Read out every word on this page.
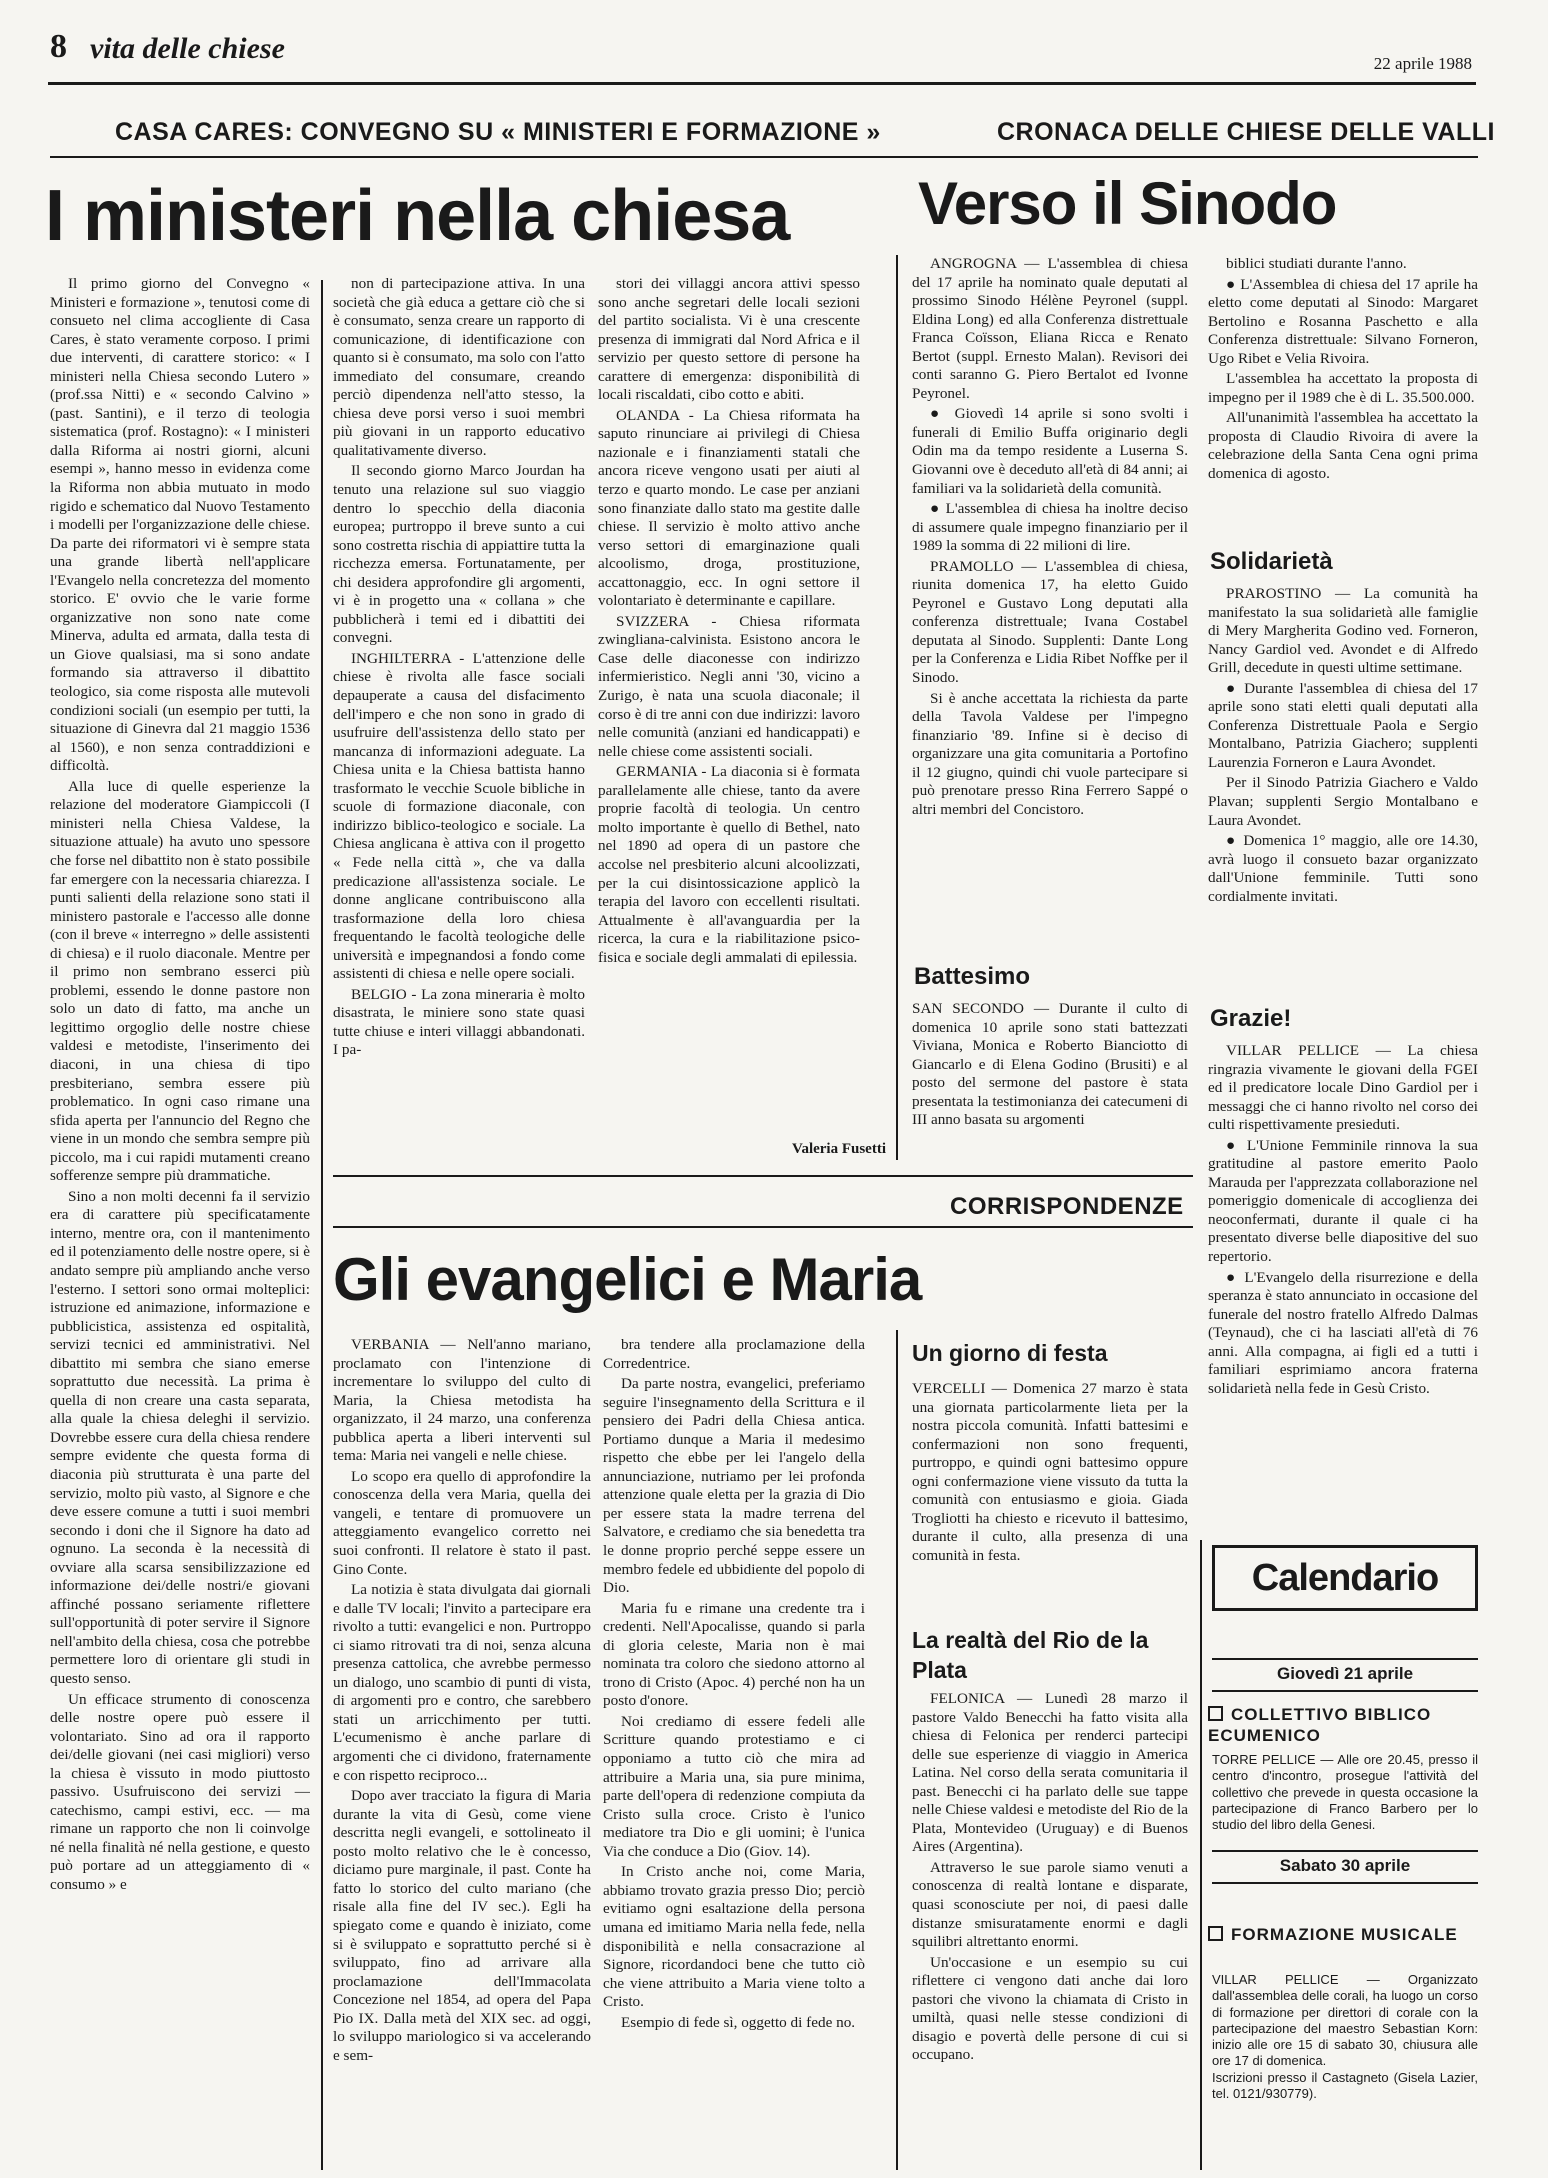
8 vita delle chiese	22 aprile 1988
CASA CARES: CONVEGNO SU « MINISTERI E FORMAZIONE »	CRONACA DELLE CHIESE DELLE VALLI
I ministeri nella chiesa Verso il Sinodo

Il primo giorno del Convegno « Ministeri e formazione », tenutosi come di consueto nel clima accogliente di Casa Cares, è stato veramente corposo. I primi due interventi, di carattere storico: « I ministeri nella Chiesa secondo Lutero » (prof.ssa Nitti) e « secondo Calvino » (past. Santini), e il terzo di teologia sistematica (prof. Rostagno): « I ministeri dalla Riforma ai nostri giorni, alcuni esempi », hanno messo in evidenza come la Riforma non abbia mutuato in modo rigido e schematico dal Nuovo Testamento i modelli per l'organizzazione delle chiese. Da parte dei riformatori vi è sempre stata una grande libertà nell'applicare l'Evangelo nella concretezza del momento storico. E' ovvio che le varie forme organizzative non sono nate come Minerva, adulta ed armata, dalla testa di un Giove qualsiasi, ma si sono andate formando sia attraverso il dibattito teologico, sia come risposta alle mutevoli condizioni sociali (un esempio per tutti, la situazione di Ginevra dal 21 maggio 1536 al 1560), e non senza contraddizioni e difficoltà.

Alla luce di quelle esperienze la relazione del moderatore Giampiccoli (I ministeri nella Chiesa Valdese, la situazione attuale) ha avuto uno spessore che forse nel dibattito non è stato possibile far emergere con la necessaria chiarezza. I punti salienti della relazione sono stati il ministero pastorale e l'accesso alle donne (con il breve « interregno » delle assistenti di chiesa) e il ruolo diaconale. Mentre per il primo non sembrano esserci più problemi, essendo le donne pastore non solo un dato di fatto, ma anche un legittimo orgoglio delle nostre chiese valdesi e metodiste, l'inserimento dei diaconi, in una chiesa di tipo presbiteriano, sembra essere più problematico. In ogni caso rimane una sfida aperta per l'annuncio del Regno che viene in un mondo che sembra sempre più piccolo, ma i cui rapidi mutamenti creano sofferenze sempre più drammatiche.

Sino a non molti decenni fa il servizio era di carattere più specificatamente interno, mentre ora, con il mantenimento ed il potenziamento delle nostre opere, si è andato sempre più ampliando anche verso l'esterno. I settori sono ormai molteplici: istruzione ed animazione, informazione e pubblicistica, assistenza ed ospitalità, servizi tecnici ed amministrativi. Nel dibattito mi sembra che siano emerse soprattutto due necessità. La prima è quella di non creare una casta separata, alla quale la chiesa deleghi il servizio. Dovrebbe essere cura della chiesa rendere sempre evidente che questa forma di diaconia più strutturata è una parte del servizio, molto più vasto, al Signore e che deve essere comune a tutti i suoi membri secondo i doni che il Signore ha dato ad ognuno. La seconda è la necessità di ovviare alla scarsa sensibilizzazione ed informazione dei/delle nostri/e giovani affinché possano seriamente riflettere sull'opportunità di poter servire il Signore nell'ambito della chiesa, cosa che potrebbe permettere loro di orientare gli studi in questo senso.

Un efficace strumento di conoscenza delle nostre opere può essere il volontariato. Sino ad ora il rapporto dei/delle giovani (nei casi migliori) verso la chiesa è vissuto in modo piuttosto passivo. Usufruiscono dei servizi — catechismo, campi estivi, ecc. — ma rimane un rapporto che non li coinvolge né nella finalità né nella gestione, e questo può portare ad un atteggiamento di « consumo » e

non di partecipazione attiva. In una società che già educa a gettare ciò che si è consumato, senza creare un rapporto di comunicazione, di identificazione con quanto si è consumato, ma solo con l'atto immediato del consumare, creando perciò dipendenza nell'atto stesso, la chiesa deve porsi verso i suoi membri più giovani in un rapporto educativo qualitativamente diverso.

Il secondo giorno Marco Jourdan ha tenuto una relazione sul suo viaggio dentro lo specchio della diaconia europea; purtroppo il breve sunto a cui sono costretta rischia di appiattire tutta la ricchezza emersa. Fortunatamente, per chi desidera approfondire gli argomenti, vi è in progetto una « collana » che pubblicherà i temi ed i dibattiti dei convegni.

INGHILTERRA - L'attenzione delle chiese è rivolta alle fasce sociali depauperate a causa del disfacimento dell'impero e che non sono in grado di usufruire dell'assistenza dello stato per mancanza di informazioni adeguate. La Chiesa unita e la Chiesa battista hanno trasformato le vecchie Scuole bibliche in scuole di formazione diaconale, con indirizzo biblico-teologico e sociale. La Chiesa anglicana è attiva con il progetto « Fede nella città », che va dalla predicazione all'assistenza sociale. Le donne anglicane contribuiscono alla trasformazione della loro chiesa frequentando le facoltà teologiche delle università e impegnandosi a fondo come assistenti di chiesa e nelle opere sociali.

BELGIO - La zona mineraria è molto disastrata, le miniere sono state quasi tutte chiuse e interi villaggi abbandonati. I pa-

stori dei villaggi ancora attivi spesso sono anche segretari delle locali sezioni del partito socialista. Vi è una crescente presenza di immigrati dal Nord Africa e il servizio per questo settore di persone ha carattere di emergenza: disponibilità di locali riscaldati, cibo cotto e abiti.

OLANDA - La Chiesa riformata ha saputo rinunciare ai privilegi di Chiesa nazionale e i finanziamenti statali che ancora riceve vengono usati per aiuti al terzo e quarto mondo. Le case per anziani sono finanziate dallo stato ma gestite dalle chiese. Il servizio è molto attivo anche verso settori di emarginazione quali alcoolismo, droga, prostituzione, accattonaggio, ecc. In ogni settore il volontariato è determinante e capillare.

SVIZZERA - Chiesa riformata zwingliana-calvinista. Esistono ancora le Case delle diaconesse con indirizzo infermieristico. Negli anni '30, vicino a Zurigo, è nata una scuola diaconale; il corso è di tre anni con due indirizzi: lavoro nelle comunità (anziani ed handicappati) e nelle chiese come assistenti sociali.

GERMANIA - La diaconia si è formata parallelamente alle chiese, tanto da avere proprie facoltà di teologia. Un centro molto importante è quello di Bethel, nato nel 1890 ad opera di un pastore che accolse nel presbiterio alcuni alcoolizzati, per la cui disintossicazione applicò la terapia del lavoro con eccellenti risultati. Attualmente è all'avanguardia per la ricerca, la cura e la riabilitazione psico-fisica e sociale degli ammalati di epilessia.

Valeria Fusetti

ANGROGNA — L'assemblea di chiesa del 17 aprile ha nominato quale deputati al prossimo Sinodo Hélène Peyronel (suppl. Eldina Long) ed alla Conferenza distrettuale Franca Coïsson, Eliana Ricca e Renato Bertot (suppl. Ernesto Malan). Revisori dei conti saranno G. Piero Bertalot ed Ivonne Peyronel.

● Giovedì 14 aprile si sono svolti i funerali di Emilio Buffa originario degli Odin ma da tempo residente a Luserna S. Giovanni ove è deceduto all'età di 84 anni; ai familiari va la solidarietà della comunità.

● L'assemblea di chiesa ha inoltre deciso di assumere quale impegno finanziario per il 1989 la somma di 22 milioni di lire.

PRAMOLLO — L'assemblea di chiesa, riunita domenica 17, ha eletto Guido Peyronel e Gustavo Long deputati alla conferenza distrettuale; Ivana Costabel deputata al Sinodo. Supplenti: Dante Long per la Conferenza e Lidia Ribet Noffke per il Sinodo.

Si è anche accettata la richiesta da parte della Tavola Valdese per l'impegno finanziario '89. Infine si è deciso di organizzare una gita comunitaria a Portofino il 12 giugno, quindi chi vuole partecipare si può prenotare presso Rina Ferrero Sappé o altri membri del Concistoro.

Battesimo
SAN SECONDO — Durante il culto di domenica 10 aprile sono stati battezzati Viviana, Monica e Roberto Bianciotto di Giancarlo e di Elena Godino (Brusiti) e al posto del sermone del pastore è stata presentata la testimonianza dei catecumeni di III anno basata su argomenti

biblici studiati durante l'anno.

● L'Assemblea di chiesa del 17 aprile ha eletto come deputati al Sinodo: Margaret Bertolino e Rosanna Paschetto e alla Conferenza distrettuale: Silvano Forneron, Ugo Ribet e Velia Rivoira.

L'assemblea ha accettato la proposta di impegno per il 1989 che è di L. 35.500.000.

All'unanimità l'assemblea ha accettato la proposta di Claudio Rivoira di avere la celebrazione della Santa Cena ogni prima domenica di agosto.

Solidarietà

PRAROSTINO — La comunità ha manifestato la sua solidarietà alle famiglie di Mery Margherita Godino ved. Forneron, Nancy Gardiol ved. Avondet e di Alfredo Grill, decedute in questi ultime settimane.

● Durante l'assemblea di chiesa del 17 aprile sono stati eletti quali deputati alla Conferenza Distrettuale Paola e Sergio Montalbano, Patrizia Giachero; supplenti Laurenzia Forneron e Laura Avondet.

Per il Sinodo Patrizia Giachero e Valdo Plavan; supplenti Sergio Montalbano e Laura Avondet.

● Domenica 1° maggio, alle ore 14.30, avrà luogo il consueto bazar organizzato dall'Unione femminile. Tutti sono cordialmente invitati.

Grazie!

VILLAR PELLICE — La chiesa ringrazia vivamente le giovani della FGEI ed il predicatore locale Dino Gardiol per i messaggi che ci hanno rivolto nel corso dei culti rispettivamente presieduti.

● L'Unione Femminile rinnova la sua gratitudine al pastore emerito Paolo Marauda per l'apprezzata collaborazione nel pomeriggio domenicale di accoglienza dei neoconfermati, durante il quale ci ha presentato diverse belle diapositive del suo repertorio.

● L'Evangelo della risurrezione e della speranza è stato annunciato in occasione del funerale del nostro fratello Alfredo Dalmas (Teynaud), che ci ha lasciati all'età di 76 anni. Alla compagna, ai figli ed a tutti i familiari esprimiamo ancora fraterna solidarietà nella fede in Gesù Cristo.

CORRISPONDENZE
Gli evangelici e Maria

VERBANIA — Nell'anno mariano, proclamato con l'intenzione di incrementare lo sviluppo del culto di Maria, la Chiesa metodista ha organizzato, il 24 marzo, una conferenza pubblica aperta a liberi interventi sul tema: Maria nei vangeli e nelle chiese.

Lo scopo era quello di approfondire la conoscenza della vera Maria, quella dei vangeli, e tentare di promuovere un atteggiamento evangelico corretto nei suoi confronti. Il relatore è stato il past. Gino Conte.

La notizia è stata divulgata dai giornali e dalle TV locali; l'invito a partecipare era rivolto a tutti: evangelici e non. Purtroppo ci siamo ritrovati tra di noi, senza alcuna presenza cattolica, che avrebbe permesso un dialogo, uno scambio di punti di vista, di argomenti pro e contro, che sarebbero stati un arricchimento per tutti. L'ecumenismo è anche parlare di argomenti che ci dividono, fraternamente e con rispetto reciproco...

Dopo aver tracciato la figura di Maria durante la vita di Gesù, come viene descritta negli evangeli, e sottolineato il posto molto relativo che le è concesso, diciamo pure marginale, il past. Conte ha fatto lo storico del culto mariano (che risale alla fine del IV sec.). Egli ha spiegato come e quando è iniziato, come si è sviluppato e soprattutto perché si è sviluppato, fino ad arrivare alla proclamazione dell'Immacolata Concezione nel 1854, ad opera del Papa Pio IX. Dalla metà del XIX sec. ad oggi, lo sviluppo mariologico si va accelerando e sem-

bra tendere alla proclamazione della Corredentrice.

Da parte nostra, evangelici, preferiamo seguire l'insegnamento della Scrittura e il pensiero dei Padri della Chiesa antica. Portiamo dunque a Maria il medesimo rispetto che ebbe per lei l'angelo della annunciazione, nutriamo per lei profonda attenzione quale eletta per la grazia di Dio per essere stata la madre terrena del Salvatore, e crediamo che sia benedetta tra le donne proprio perché seppe essere un membro fedele ed ubbidiente del popolo di Dio.

Maria fu e rimane una credente tra i credenti. Nell'Apocalisse, quando si parla di gloria celeste, Maria non è mai nominata tra coloro che siedono attorno al trono di Cristo (Apoc. 4) perché non ha un posto d'onore.

Noi crediamo di essere fedeli alle Scritture quando protestiamo e ci opponiamo a tutto ciò che mira ad attribuire a Maria una, sia pure minima, parte dell'opera di redenzione compiuta da Cristo sulla croce. Cristo è l'unico mediatore tra Dio e gli uomini; è l'unica Via che conduce a Dio (Giov. 14).

In Cristo anche noi, come Maria, abbiamo trovato grazia presso Dio; perciò evitiamo ogni esaltazione della persona umana ed imitiamo Maria nella fede, nella disponibilità e nella consacrazione al Signore, ricordandoci bene che tutto ciò che viene attribuito a Maria viene tolto a Cristo.

Esempio di fede sì, oggetto di fede no.

Un giorno di festa
VERCELLI — Domenica 27 marzo è stata una giornata particolarmente lieta per la nostra piccola comunità. Infatti battesimi e confermazioni non sono frequenti, purtroppo, e quindi ogni battesimo oppure ogni confermazione viene vissuto da tutta la comunità con entusiasmo e gioia. Giada Trogliotti ha chiesto e ricevuto il battesimo, durante il culto, alla presenza di una comunità in festa.
La realtà del Rio de la Plata

FELONICA — Lunedì 28 marzo il pastore Valdo Benecchi ha fatto visita alla chiesa di Felonica per renderci partecipi delle sue esperienze di viaggio in America Latina. Nel corso della serata comunitaria il past. Benecchi ci ha parlato delle sue tappe nelle Chiese valdesi e metodiste del Rio de la Plata, Montevideo (Uruguay) e di Buenos Aires (Argentina).

Attraverso le sue parole siamo venuti a conoscenza di realtà lontane e disparate, quasi sconosciute per noi, di paesi dalle distanze smisuratamente enormi e dagli squilibri altrettanto enormi.

Un'occasione e un esempio su cui riflettere ci vengono dati anche dai loro pastori che vivono la chiamata di Cristo in umiltà, quasi nelle stesse condizioni di disagio e povertà delle persone di cui si occupano.

Calendario
Giovedì 21 aprile
COLLETTIVO BIBLICO ECUMENICO
TORRE PELLICE — Alle ore 20.45, presso il centro d'incontro, prosegue l'attività del collettivo che prevede in questa occasione la partecipazione di Franco Barbero per lo studio del libro della Genesi.
Sabato 30 aprile
FORMAZIONE MUSICALE
VILLAR PELLICE — Organizzato dall'assemblea delle corali, ha luogo un corso di formazione per direttori di corale con la partecipazione del maestro Sebastian Korn: inizio alle ore 15 di sabato 30, chiusura alle ore 17 di domenica.
Iscrizioni presso il Castagneto (Gisela Lazier, tel. 0121/930779).
